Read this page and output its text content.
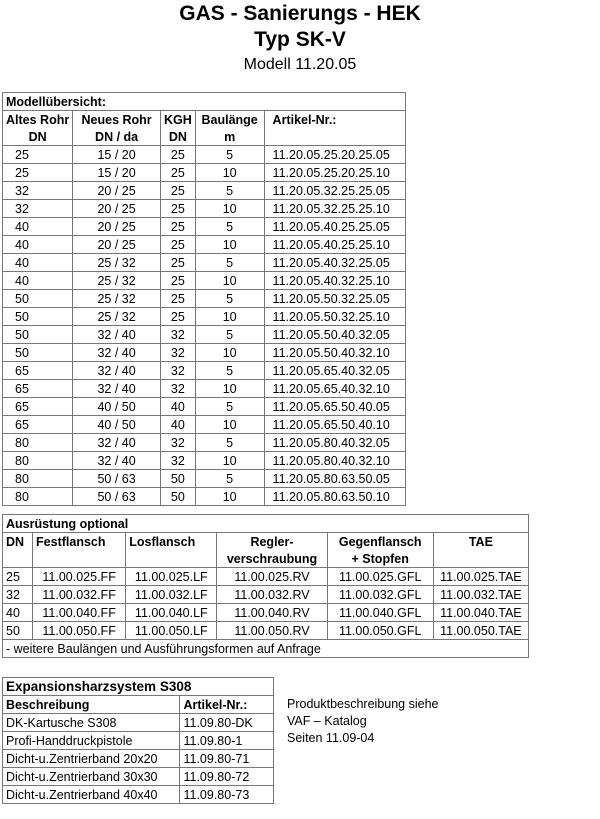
GAS - Sanierungs - HEK
Typ SK-V
Modell 11.20.05
Modellübersicht:				
Altes Rohr	Neues Rohr	KGH	Baulänge	Artikel-Nr.:
DN	DN / da	DN	m	
25	15 / 20	25	5	11.20.05.25.20.25.05
25	15 / 20	25	10	11.20.05.25.20.25.10
32	20 / 25	25	5	11.20.05.32.25.25.05
32	20 / 25	25	10	11.20.05.32.25.25.10
40	20 / 25	25	5	11.20.05.40.25.25.05
40	20 / 25	25	10	11.20.05.40.25.25.10
40	25 / 32	25	5	11.20.05.40.32.25.05
40	25 / 32	25	10	11.20.05.40.32.25.10
50	25 / 32	25	5	11.20.05.50.32.25.05
50	25 / 32	25	10	11.20.05.50.32.25.10
50	32 / 40	32	5	11.20.05.50.40.32.05
50	32 / 40	32	10	11.20.05.50.40.32.10
65	32 / 40	32	5	11.20.05.65.40.32.05
65	32 / 40	32	10	11.20.05.65.40.32.10
65	40 / 50	40	5	11.20.05.65.50.40.05
65	40 / 50	40	10	11.20.05.65.50.40.10
80	32 / 40	32	5	11.20.05.80.40.32.05
80	32 / 40	32	10	11.20.05.80.40.32.10
80	50 / 63	50	5	11.20.05.80.63.50.05
80	50 / 63	50	10	11.20.05.80.63.50.10
Ausrüstung optional					
DN	Festflansch	Losflansch	Regler-	Gegenflansch	TAE
			verschraubung	+ Stopfen	
25	11.00.025.FF	11.00.025.LF	11.00.025.RV	11.00.025.GFL	11.00.025.TAE
32	11.00.032.FF	11.00.032.LF	11.00.032.RV	11.00.032.GFL	11.00.032.TAE
40	11.00.040.FF	11.00.040.LF	11.00.040.RV	11.00.040.GFL	11.00.040.TAE
50	11.00.050.FF	11.00.050.LF	11.00.050.RV	11.00.050.GFL	11.00.050.TAE
- weitere Baulängen und Ausführungsformen auf Anfrage					
Expansionsharzsystem S308	
Beschreibung	Artikel-Nr.:
DK-Kartusche S308	11.09.80-DK
Profi-Handdruckpistole	11.09.80-1
Dicht-u.Zentrierband 20x20	11.09.80-71
Dicht-u.Zentrierband 30x30	11.09.80-72
Dicht-u.Zentrierband 40x40	11.09.80-73
Produktbeschreibung siehe
VAF – Katalog
Seiten 11.09-04
